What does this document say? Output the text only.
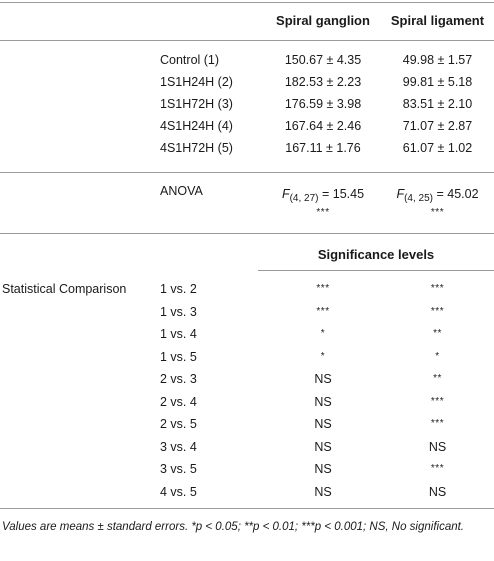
Spiral ganglion	Spiral ligament
Control (1)	150.67 ± 4.35	49.98 ± 1.57
1S1H24H (2)	182.53 ± 2.23	99.81 ± 5.18
1S1H72H (3)	176.59 ± 3.98	83.51 ± 2.10
4S1H24H (4)	167.64 ± 2.46	71.07 ± 2.87
4S1H72H (5)	167.11 ± 1.76	61.07 ± 1.02
ANOVA	$F_{(4, 27)} = 15.45$	$F_{(4, 25)} = 45.02$
***	***
Significance levels
Statistical Comparison	1 vs. 2	***	***
1 vs. 3	***	***
1 vs. 4	*	**
1 vs. 5	*	*
2 vs. 3	NS	**
2 vs. 4	NS	***
2 vs. 5	NS	***
3 vs. 4	NS	NS
3 vs. 5	NS	***
4 vs. 5	NS	NS
Values are means ± standard errors. *p < 0.05; **p < 0.01; ***p < 0.001; NS, No significant.
